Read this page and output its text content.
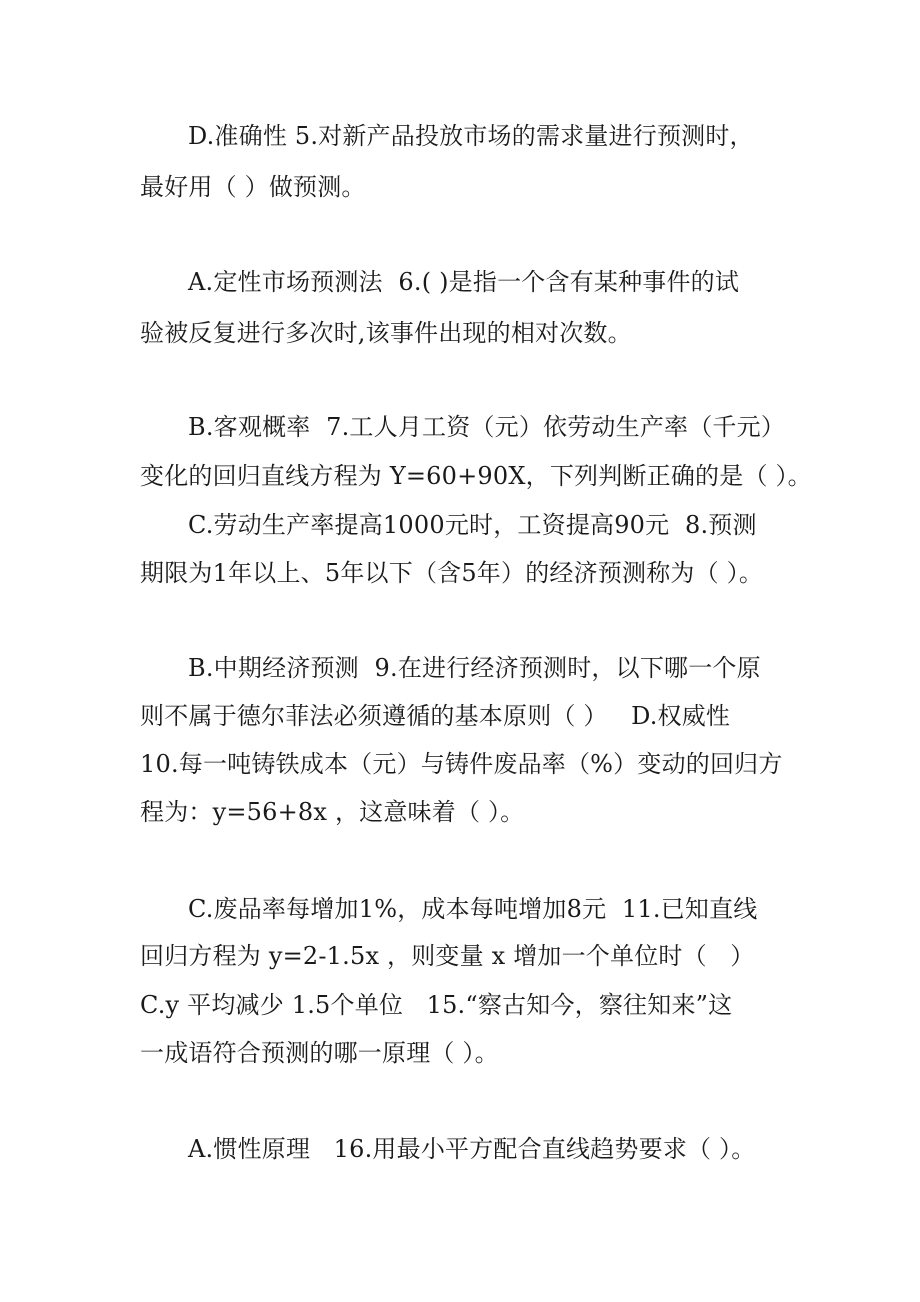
D.准确性 5.对新产品投放市场的需求量进行预测时，
最好用（ ）做预测。
A.定性市场预测法  6.( )是指一个含有某种事件的试
验被反复进行多次时,该事件出现的相对次数。
B.客观概率  7.工人月工资（元）依劳动生产率（千元）
变化的回归直线方程为 Y=60+90X，下列判断正确的是（ ）。
C.劳动生产率提高1000元时，工资提高90元  8.预测
期限为1年以上、5年以下（含5年）的经济预测称为（ ）。
B.中期经济预测  9.在进行经济预测时，以下哪一个原
则不属于德尔菲法必须遵循的基本原则（ ）   D.权威性
10.每一吨铸铁成本（元）与铸件废品率（%）变动的回归方
程为：y=56+8x ，这意味着（ ）。
C.废品率每增加1%，成本每吨增加8元  11.已知直线
回归方程为 y=2-1.5x ，则变量 x 增加一个单位时（   ）
C.y 平均减少 1.5个单位   15.“察古知今，察往知来”这
一成语符合预测的哪一原理（ ）。
A.惯性原理   16.用最小平方配合直线趋势要求（ ）。
